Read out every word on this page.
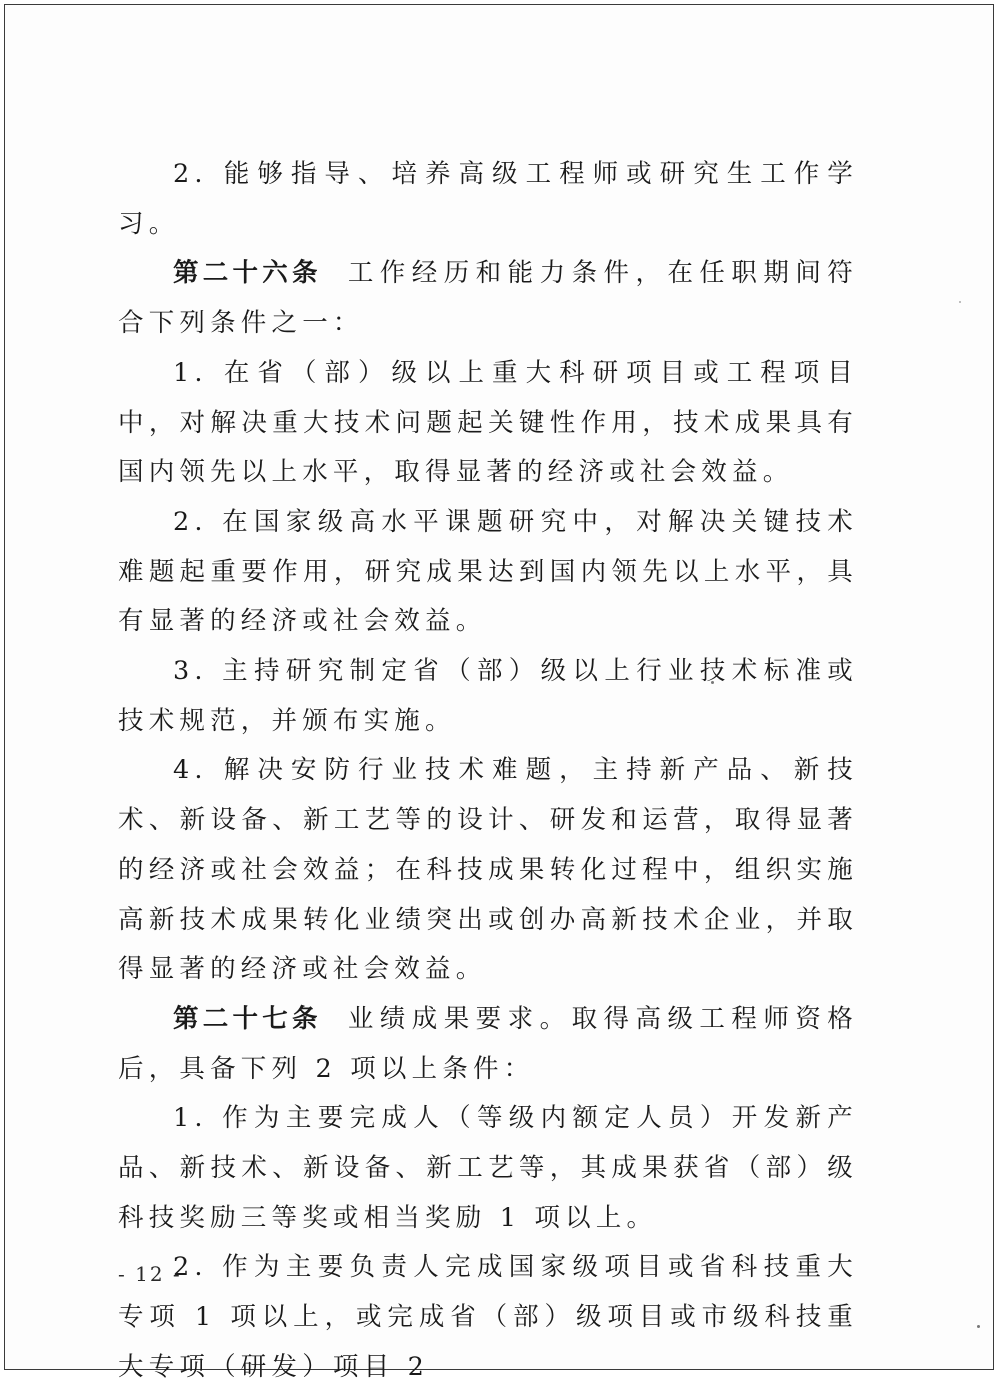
2. 能够指导、培养高级工程师或研究生工作学习。

第二十六条 工作经历和能力条件，在任职期间符合下列条件之一：

1. 在省（部）级以上重大科研项目或工程项目中，对解决重大技术问题起关键性作用，技术成果具有国内领先以上水平，取得显著的经济或社会效益。

2. 在国家级高水平课题研究中，对解决关键技术难题起重要作用，研究成果达到国内领先以上水平，具有显著的经济或社会效益。

3. 主持研究制定省（部）级以上行业技术标准或技术规范，并颁布实施。

4. 解决安防行业技术难题，主持新产品、新技术、新设备、新工艺等的设计、研发和运营，取得显著的经济或社会效益；在科技成果转化过程中，组织实施高新技术成果转化业绩突出或创办高新技术企业，并取得显著的经济或社会效益。

第二十七条 业绩成果要求。取得高级工程师资格后，具备下列 2 项以上条件：

1. 作为主要完成人（等级内额定人员）开发新产品、新技术、新设备、新工艺等，其成果获省（部）级科技奖励三等奖或相当奖励 1 项以上。

2. 作为主要负责人完成国家级项目或省科技重大专项 1 项以上，或完成省（部）级项目或市级科技重大专项（研发）项目 2

- 12 -
